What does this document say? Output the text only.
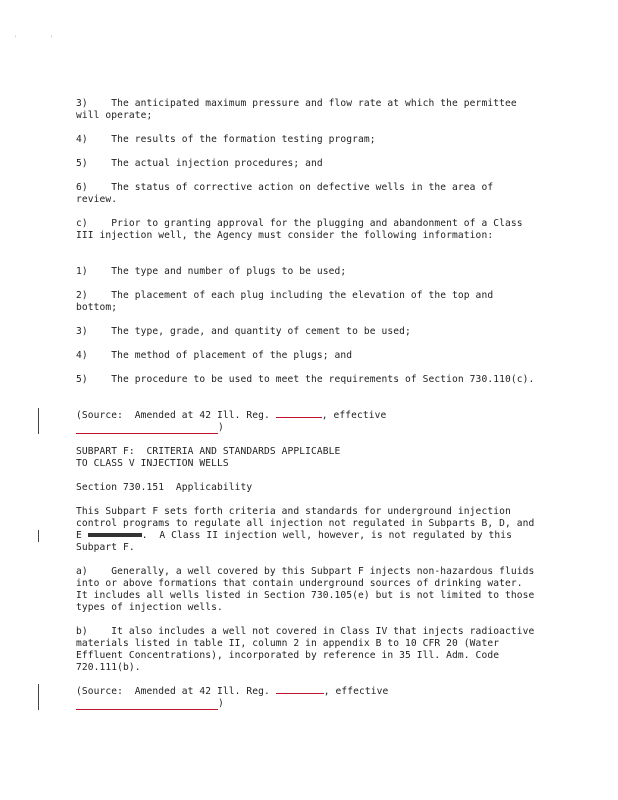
'	'
3)    The anticipated maximum pressure and flow rate at which the permittee will operate;
4)    The results of the formation testing program;
5)    The actual injection procedures; and
6)    The status of corrective action on defective wells in the area of review.
c)    Prior to granting approval for the plugging and abandonment of a Class III injection well, the Agency must consider the following information:
1)    The type and number of plugs to be used;
2)    The placement of each plug including the elevation of the top and bottom;
3)    The type, grade, and quantity of cement to be used;
4)    The method of placement of the plugs; and
5)    The procedure to be used to meet the requirements of Section 730.110(c).
(Source:  Amended at 42 Ill. Reg.	, effective
)
SUBPART F:  CRITERIA AND STANDARDS APPLICABLE
TO CLASS V INJECTION WELLS
Section 730.151  Applicability
This Subpart F sets forth criteria and standards for underground injection control programs to regulate all injection not regulated in Subparts B, D, and E	.  A Class II injection well, however, is not regulated by this Subpart F.
a)    Generally, a well covered by this Subpart F injects non-hazardous fluids into or above formations that contain underground sources of drinking water.  It includes all wells listed in Section 730.105(e) but is not limited to those types of injection wells.
b)    It also includes a well not covered in Class IV that injects radioactive materials listed in table II, column 2 in appendix B to 10 CFR 20 (Water Effluent Concentrations), incorporated by reference in 35 Ill. Adm. Code 720.111(b).
(Source:  Amended at 42 Ill. Reg.	, effective
)
